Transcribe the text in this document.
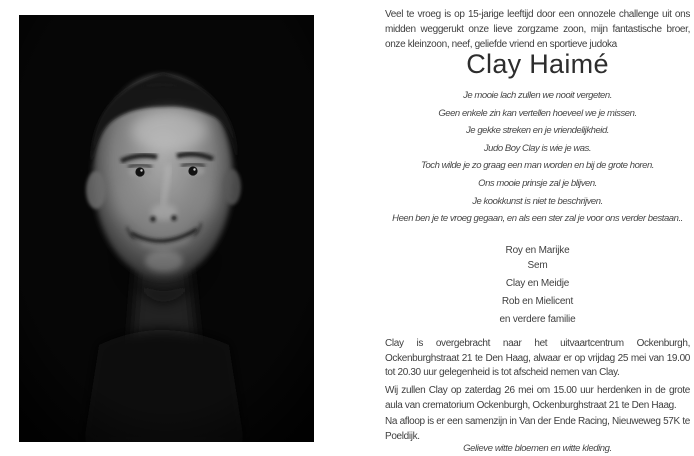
Veel te vroeg is op 15-jarige leeftijd door een onnozele challenge uit ons midden weggerukt onze lieve zorgzame zoon, mijn fantastische broer, onze kleinzoon, neef, geliefde vriend en sportieve judoka
Clay Haimé
Je mooie lach zullen we nooit vergeten.
Geen enkele zin kan vertellen hoeveel we je missen.
Je gekke streken en je vriendelijkheid.
Judo Boy Clay is wie je was.
Toch wilde je zo graag een man worden en bij de grote horen.
Ons mooie prinsje zal je blijven.
Je kookkunst is niet te beschrijven.
Heen ben je te vroeg gegaan, en als een ster zal je voor ons verder bestaan..
Roy en Marijke
Sem
Clay en Meidje
Rob en Mielicent
en verdere familie
Clay is overgebracht naar het uitvaartcentrum Ockenburgh, Ockenburghstraat 21 te Den Haag, alwaar er op vrijdag 25 mei van 19.00 tot 20.30 uur gelegenheid is tot afscheid nemen van Clay.
Wij zullen Clay op zaterdag 26 mei om 15.00 uur herdenken in de grote aula van crematorium Ockenburgh, Ockenburghstraat 21 te Den Haag.
Na afloop is er een samenzijn in Van der Ende Racing, Nieuweweg 57K te Poeldijk.
Gelieve witte bloemen en witte kleding.
